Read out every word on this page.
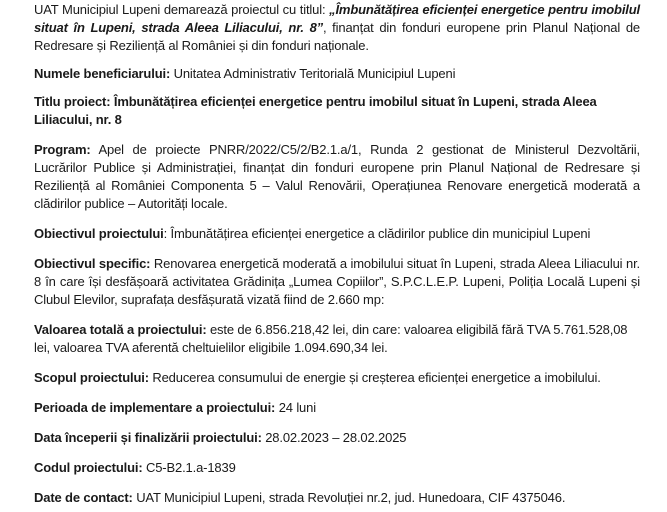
UAT Municipiul Lupeni demarează proiectul cu titlul: „Îmbunătățirea eficienței energetice pentru imobilul situat în Lupeni, strada Aleea Liliacului, nr. 8”, finanțat din fonduri europene prin Planul Național de Redresare și Reziliență al României și din fonduri naționale.

Numele beneficiarului: Unitatea Administrativ Teritorială Municipiul Lupeni

Titlu proiect: Îmbunătățirea eficienței energetice pentru imobilul situat în Lupeni, strada Aleea Liliacului, nr. 8

Program: Apel de proiecte PNRR/2022/C5/2/B2.1.a/1, Runda 2 gestionat de Ministerul Dezvoltării, Lucrărilor Publice și Administrației, finanțat din fonduri europene prin Planul Național de Redresare și Reziliență al României Componenta 5 – Valul Renovării, Operațiunea Renovare energetică moderată a clădirilor publice – Autorități locale.

Obiectivul proiectului: Îmbunătățirea eficienței energetice a clădirilor publice din municipiul Lupeni

Obiectivul specific: Renovarea energetică moderată a imobilului situat în Lupeni, strada Aleea Liliacului nr. 8 în care își desfășoară activitatea Grădinița „Lumea Copiilor”, S.P.C.L.E.P. Lupeni, Poliția Locală Lupeni și Clubul Elevilor, suprafața desfășurată vizată fiind de 2.660 mp:

Valoarea totală a proiectului: este de 6.856.218,42 lei, din care: valoarea eligibilă fără TVA 5.761.528,08 lei, valoarea TVA aferentă cheltuielilor eligibile 1.094.690,34 lei.

Scopul proiectului: Reducerea consumului de energie și creșterea eficienței energetice a imobilului.

Perioada de implementare a proiectului: 24 luni

Data începerii și finalizării proiectului: 28.02.2023 – 28.02.2025

Codul proiectului: C5-B2.1.a-1839

Date de contact: UAT Municipiul Lupeni, strada Revoluției nr.2, jud. Hunedoara, CIF 4375046.
